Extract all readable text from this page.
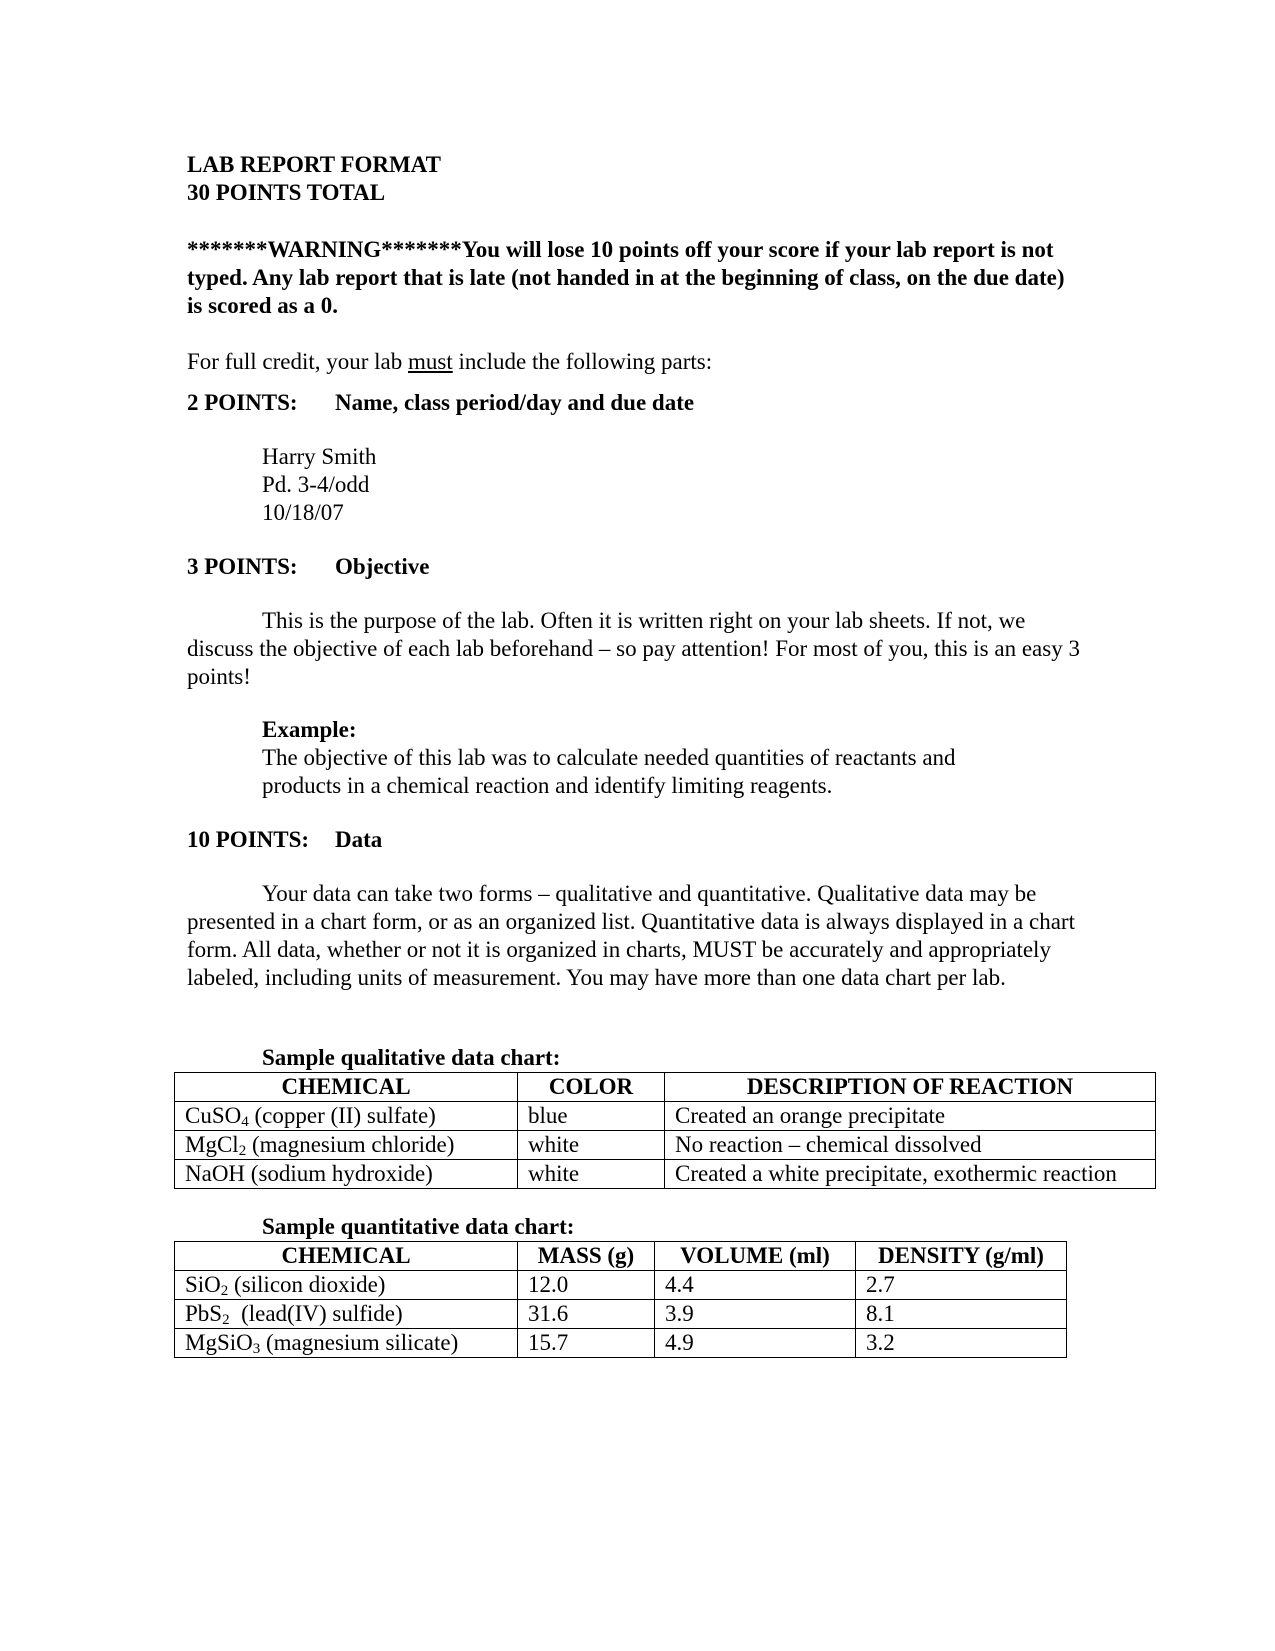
LAB REPORT FORMAT
30 POINTS TOTAL

*******WARNING*******You will lose 10 points off your score if your lab report is not typed. Any lab report that is late (not handed in at the beginning of class, on the due date) is scored as a 0.

For full credit, your lab must include the following parts:

2 POINTS: Name, class period/day and due date
Harry Smith
Pd. 3-4/odd
10/18/07
3 POINTS: Objective

This is the purpose of the lab. Often it is written right on your lab sheets. If not, we discuss the objective of each lab beforehand – so pay attention! For most of you, this is an easy 3 points!

Example:
The objective of this lab was to calculate needed quantities of reactants and
products in a chemical reaction and identify limiting reagents.
10 POINTS: Data

Your data can take two forms – qualitative and quantitative. Qualitative data may be presented in a chart form, or as an organized list. Quantitative data is always displayed in a chart form. All data, whether or not it is organized in charts, MUST be accurately and appropriately labeled, including units of measurement. You may have more than one data chart per lab.

Sample qualitative data chart:
CHEMICAL	COLOR	DESCRIPTION OF REACTION
CuSO$_4$ (copper (II) sulfate)	blue	Created an orange precipitate
MgCl$_2$ (magnesium chloride)	white	No reaction – chemical dissolved
NaOH (sodium hydroxide)	white	Created a white precipitate, exothermic reaction
Sample quantitative data chart:
CHEMICAL	MASS (g)	VOLUME (ml)	DENSITY (g/ml)
SiO$_2$ (silicon dioxide)	12.0	4.4	2.7
PbS$_2$  (lead(IV) sulfide)	31.6	3.9	8.1
MgSiO$_3$ (magnesium silicate)	15.7	4.9	3.2
